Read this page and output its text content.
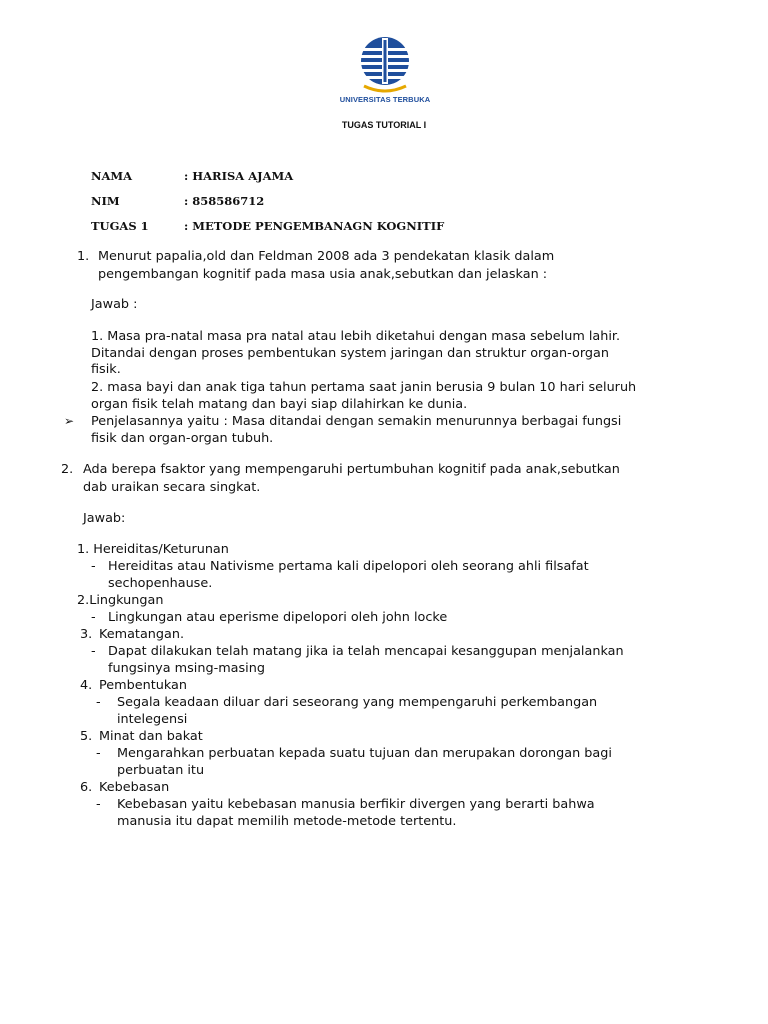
UNIVERSITAS TERBUKA
TUGAS TUTORIAL I
NAMA	: HARISA AJAMA
NIM	: 858586712
TUGAS 1	: METODE PENGEMBANAGN KOGNITIF
1. Menurut papalia,old dan Feldman 2008 ada 3 pendekatan klasik dalam
pengembangan kognitif pada masa usia anak,sebutkan dan jelaskan :
Jawab :
1. Masa pra-natal masa pra natal atau lebih diketahui dengan masa sebelum lahir.
Ditandai dengan proses pembentukan system jaringan dan struktur organ-organ
fisik.
2. masa bayi dan anak tiga tahun pertama saat janin berusia 9 bulan 10 hari seluruh
organ fisik telah matang dan bayi siap dilahirkan ke dunia.
➢ Penjelasannya yaitu : Masa ditandai dengan semakin menurunnya berbagai fungsi
fisik dan organ-organ tubuh.
2. Ada berepa fsaktor yang mempengaruhi pertumbuhan kognitif pada anak,sebutkan
dab uraikan secara singkat.
Jawab:
1. Hereiditas/Keturunan
- Hereiditas atau Nativisme pertama kali dipelopori oleh seorang ahli filsafat
sechopenhause.
2.Lingkungan
- Lingkungan atau eperisme dipelopori oleh john locke
3. Kematangan.
- Dapat dilakukan telah matang jika ia telah mencapai kesanggupan menjalankan
fungsinya msing-masing
4. Pembentukan
- Segala keadaan diluar dari seseorang yang mempengaruhi perkembangan
intelegensi
5. Minat dan bakat
- Mengarahkan perbuatan kepada suatu tujuan dan merupakan dorongan bagi
perbuatan itu
6. Kebebasan
- Kebebasan yaitu kebebasan manusia berfikir divergen yang berarti bahwa
manusia itu dapat memilih metode-metode tertentu.
